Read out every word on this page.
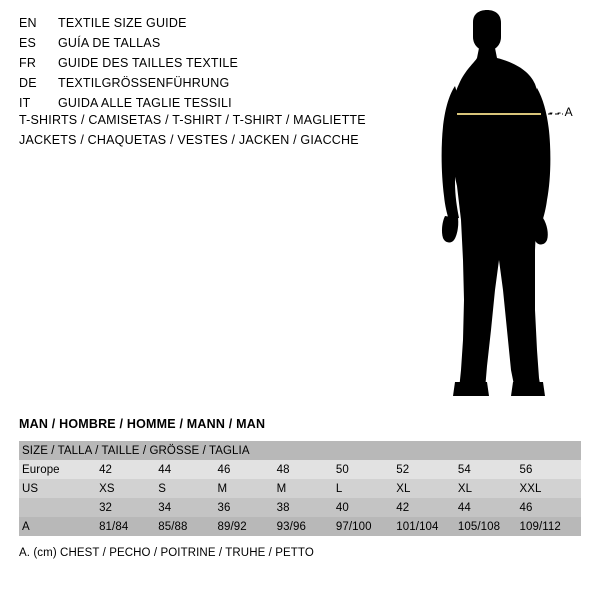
EN	TEXTILE SIZE GUIDE
ES	GUÍA DE TALLAS
FR	GUIDE DES TAILLES TEXTILE
DE	TEXTILGRÖSSENFÜHRUNG
IT	GUIDA ALLE TAGLIE TESSILI
T-SHIRTS / CAMISETAS / T-SHIRT / T-SHIRT / MAGLIETTE
JACKETS / CHAQUETAS / VESTES / JACKEN / GIACCHE
- - A
MAN / HOMBRE / HOMME / MANN / MAN
SIZE / TALLA / TAILLE / GRÖSSE / TAGLIA								
Europe	42	44	46	48	50	52	54	56
US	XS	S	M	M	L	XL	XL	XXL
	32	34	36	38	40	42	44	46
A	81/84	85/88	89/92	93/96	97/100	101/104	105/108	109/112
A. (cm) CHEST / PECHO / POITRINE / TRUHE / PETTO
